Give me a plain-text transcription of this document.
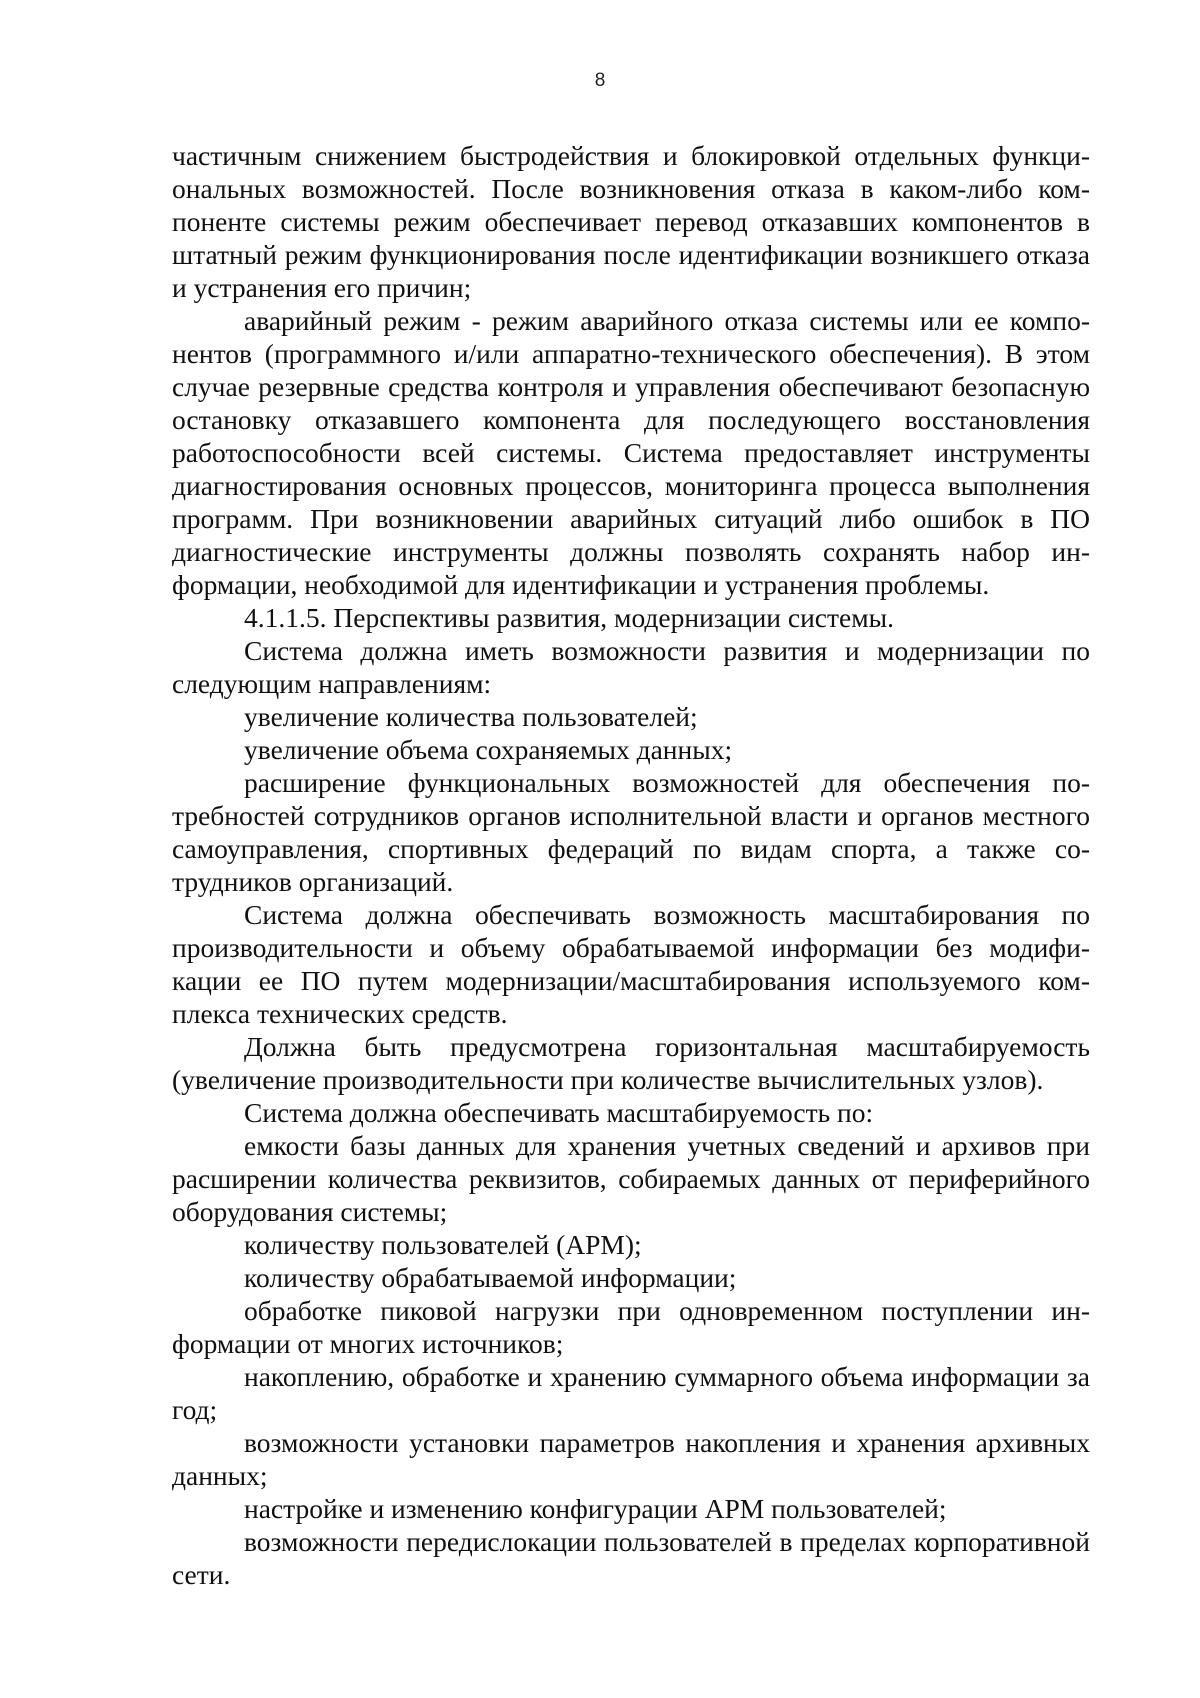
8

частичным снижением быстродействия и блокировкой отдельных функциональных возможностей. После возникновения отказа в каком-либо компоненте системы режим обеспечивает перевод отказавших компонентов в штатный режим функционирования после идентификации возникшего отказа и устранения его причин;

аварийный режим - режим аварийного отказа системы или ее компонентов (программного и/или аппаратно-технического обеспечения). В этом случае резервные средства контроля и управления обеспечивают безопасную остановку отказавшего компонента для последующего восстановления работоспособности всей системы. Система предоставляет инструменты диагностирования основных процессов, мониторинга процесса выполнения программ. При возникновении аварийных ситуаций либо ошибок в ПО диагностические инструменты должны позволять сохранять набор информации, необходимой для идентификации и устранения проблемы.

4.1.1.5. Перспективы развития, модернизации системы.

Система должна иметь возможности развития и модернизации по следующим направлениям:

увеличение количества пользователей;

увеличение объема сохраняемых данных;

расширение функциональных возможностей для обеспечения потребностей сотрудников органов исполнительной власти и органов местного самоуправления, спортивных федераций по видам спорта, а также сотрудников организаций.

Система должна обеспечивать возможность масштабирования по производительности и объему обрабатываемой информации без модификации ее ПО путем модернизации/масштабирования используемого комплекса технических средств.

Должна быть предусмотрена горизонтальная масштабируемость (увеличение производительности при количестве вычислительных узлов).

Система должна обеспечивать масштабируемость по:

емкости базы данных для хранения учетных сведений и архивов при расширении количества реквизитов, собираемых данных от периферийного оборудования системы;

количеству пользователей (АРМ);

количеству обрабатываемой информации;

обработке пиковой нагрузки при одновременном поступлении информации от многих источников;

накоплению, обработке и хранению суммарного объема информации за год;

возможности установки параметров накопления и хранения архивных данных;

настройке и изменению конфигурации АРМ пользователей;

возможности передислокации пользователей в пределах корпоративной сети.
